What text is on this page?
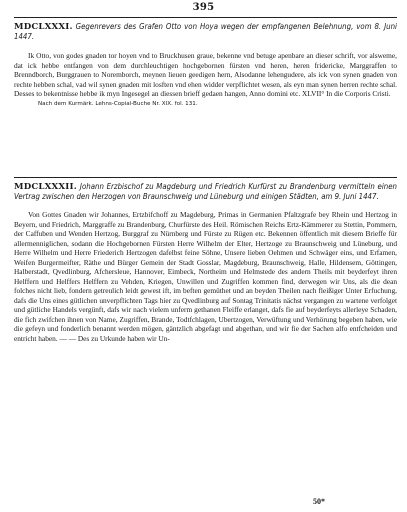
395
MDCLXXXI. Gegenrevers des Grafen Otto von Hoya wegen der empfangenen Belehnung, vom 8. Juni 1447.

Ik Otto, von godes gnaden tor hoyen vnd to Bruckhusen graue, bekenne vnd betuge apenbare an dieser schrift, vor alsweme, dat ick hebbe entfangen von dem durchleuchtigen hochgebornen fürsten vnd heren, heren fridericke, Marggraffen to Brenndborch, Burggrauen to Noremborch, meynen lieuen geedigen hern, Alsodanne lehengudere, als ick von synen gnaden von rechte hebben schal, vad wil synen gnaden mit losften vnd ehen widder verpflichtet wesen, als eyn man synen herren rechte schal. Desses to bekentnisse hebbe ik myn Ingesegel an diessen brieff gedaen hangen, Anno domini etc. XLVII° In die Corporis Cristi.

Nach dem Kurmärk. Lehns-Copial-Buche Nr. XIX. fol. 131.
MDCLXXXII. Johann Erzbischof zu Magdeburg und Friedrich Kurfürst zu Brandenburg vermitteln einen Vertrag zwischen den Herzogen von Braunschweig und Lüneburg und einigen Städten, am 9. Juni 1447.

Von Gottes Gnaden wir Johannes, Ertzbifchoff zu Magdeburg, Primas in Germanien Pfaltzgrafe bey Rhein und Hertzog in Beyern, und Friedrich, Marggraffe zu Brandenburg, Churfürste des Heil. Römischen Reichs Ertz-Kämmerer zu Stettin, Pommern, der Caffuben und Wenden Hertzog, Burggraf zu Nürnberg und Fürste zu Rügen etc. Bekennen öffentlich mit diesem Brieffe für allermenniglichen, sodann die Hochgebornen Fürsten Herre Wilhelm der Elter, Hertzoge zu Braunschweig und Lüneburg, und Herre Wilhelm und Herre Friederich Hertzogen dafelbst feine Söhne, Unsere lieben Oehmen und Schwäger eins, und Erfamen, Weifen Burgermeifter, Räthe und Bürger Gemein der Stadt Gosslar, Magdeburg, Braunschweig, Halle, Hildensem, Göttingen, Halberstadt, Qvedlinburg, Afchersleue, Hannover, Eimbeck, Northeim und Helmstede des andern Theils mit beyderfeyt ihren Helffern und Helffers Helffern zu Vehden, Kriegen, Unwillen und Zugriffen kommen find, derwegen wir Uns, als die dean folches nicht lieb, fondern getreulich leidt gewest ift, im beften gemüthet und an beyden Theilen nach fleißiger Unter Erfuchung, dafs die Uns eines gütlichen unverpflichten Tags hier zu Qvedlinburg auf Sontag Trinitatis nächst vergangen zu wartene verfolget und gütliche Handels vergünft, dafs wir nach vielem unferm gethanen Fleiffe erlanget, dafs fie auf beyderfeyts allerleye Schaden, die fich zwifchen ihnen von Name, Zugriffen, Brande, Todtfchlagen, Ubertzogen, Verwüftung und Verhörung begeben haben, wie die gefeyn und fonderlich benannt werden mögen, gäntzlich abgefagt und abgethan, und wir fie der Sachen alfo entfcheiden und entricht haben. — — Des zu Urkunde haben wir Un-

50*
